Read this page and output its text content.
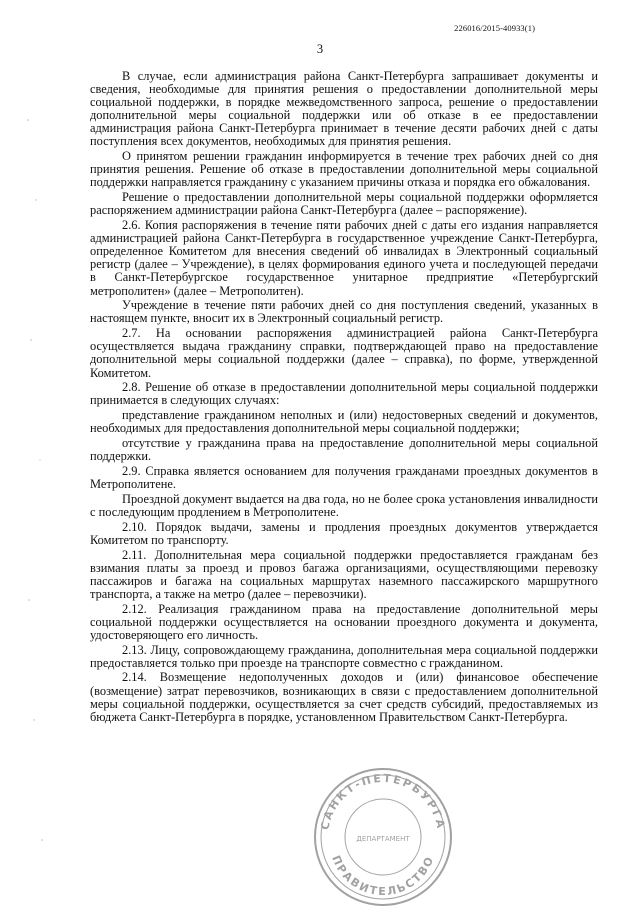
226016/2015-40933(1)
3

В случае, если администрация района Санкт-Петербурга запрашивает документы и сведения, необходимые для принятия решения о предоставлении дополнительной меры социальной поддержки, в порядке межведомственного запроса, решение о предоставлении дополнительной меры социальной поддержки или об отказе в ее предоставлении администрация района Санкт-Петербурга принимает в течение десяти рабочих дней с даты поступления всех документов, необходимых для принятия решения.

О принятом решении гражданин информируется в течение трех рабочих дней со дня принятия решения. Решение об отказе в предоставлении дополнительной меры социальной поддержки направляется гражданину с указанием причины отказа и порядка его обжалования.

Решение о предоставлении дополнительной меры социальной поддержки оформляется распоряжением администрации района Санкт-Петербурга (далее – распоряжение).

2.6. Копия распоряжения в течение пяти рабочих дней с даты его издания направляется администрацией района Санкт-Петербурга в государственное учреждение Санкт-Петербурга, определенное Комитетом для внесения сведений об инвалидах в Электронный социальный регистр (далее – Учреждение), в целях формирования единого учета и последующей передачи в Санкт-Петербургское государственное унитарное предприятие «Петербургский метрополитен» (далее – Метрополитен).

Учреждение в течение пяти рабочих дней со дня поступления сведений, указанных в настоящем пункте, вносит их в Электронный социальный регистр.

2.7. На основании распоряжения администрацией района Санкт-Петербурга осуществляется выдача гражданину справки, подтверждающей право на предоставление дополнительной меры социальной поддержки (далее – справка), по форме, утвержденной Комитетом.

2.8. Решение об отказе в предоставлении дополнительной меры социальной поддержки принимается в следующих случаях:

представление гражданином неполных и (или) недостоверных сведений и документов, необходимых для предоставления дополнительной меры социальной поддержки;

отсутствие у гражданина права на предоставление дополнительной меры социальной поддержки.

2.9. Справка является основанием для получения гражданами проездных документов в Метрополитене.

Проездной документ выдается на два года, но не более срока установления инвалидности с последующим продлением в Метрополитене.

2.10. Порядок выдачи, замены и продления проездных документов утверждается Комитетом по транспорту.

2.11. Дополнительная мера социальной поддержки предоставляется гражданам без взимания платы за проезд и провоз багажа организациями, осуществляющими перевозку пассажиров и багажа на социальных маршрутах наземного пассажирского маршрутного транспорта, а также на метро (далее – перевозчики).

2.12. Реализация гражданином права на предоставление дополнительной меры социальной поддержки осуществляется на основании проездного документа и документа, удостоверяющего его личность.

2.13. Лицу, сопровождающему гражданина, дополнительная мера социальной поддержки предоставляется только при проезде на транспорте совместно с гражданином.

2.14. Возмещение недополученных доходов и (или) финансовое обеспечение (возмещение) затрат перевозчиков, возникающих в связи с предоставлением дополнительной меры социальной поддержки, осуществляется за счет средств субсидий, предоставляемых из бюджета Санкт-Петербурга в порядке, установленном Правительством Санкт-Петербурга.

САНКТ-ПЕТЕРБУРГА
ПРАВИТЕЛЬСТВО
ДЕПАРТАМЕНТ
